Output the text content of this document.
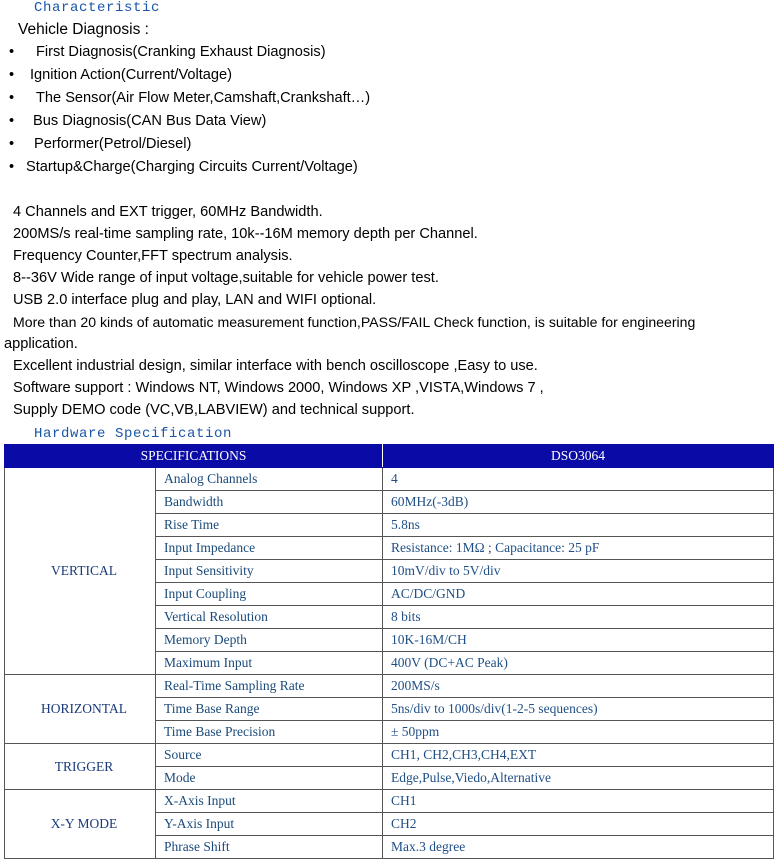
Characteristic
Vehicle Diagnosis :
• First Diagnosis(Cranking Exhaust Diagnosis)
• Ignition Action(Current/Voltage)
• The Sensor(Air Flow Meter,Camshaft,Crankshaft…)
• Bus Diagnosis(CAN Bus Data View)
• Performer(Petrol/Diesel)
• Startup&Charge(Charging Circuits Current/Voltage)
4 Channels and EXT trigger, 60MHz Bandwidth.
200MS/s real-time sampling rate, 10k--16M memory depth per Channel.
Frequency Counter,FFT spectrum analysis.
8--36V Wide range of input voltage,suitable for vehicle power test.
USB 2.0 interface plug and play, LAN and WIFI optional.
More than 20 kinds of automatic measurement function,PASS/FAIL Check function, is suitable for engineering
application.
Excellent industrial design, similar interface with bench oscilloscope ,Easy to use.
Software support : Windows NT, Windows 2000, Windows XP ,VISTA,Windows 7 ,
Supply DEMO code (VC,VB,LABVIEW) and technical support.
Hardware Specification
SPECIFICATIONS		DSO3064
VERTICAL	Analog Channels	4
	Bandwidth	60MHz(-3dB)
	Rise Time	5.8ns
	Input Impedance	Resistance: 1MΩ ; Capacitance: 25 pF
	Input Sensitivity	10mV/div to 5V/div
	Input Coupling	AC/DC/GND
	Vertical Resolution	8 bits
	Memory Depth	10K-16M/CH
	Maximum Input	400V (DC+AC Peak)
HORIZONTAL	Real-Time Sampling Rate	200MS/s
	Time Base Range	5ns/div to 1000s/div(1-2-5 sequences)
	Time Base Precision	± 50ppm
TRIGGER	Source	CH1, CH2,CH3,CH4,EXT
	Mode	Edge,Pulse,Viedo,Alternative
X-Y MODE	X-Axis Input	CH1
	Y-Axis Input	CH2
	Phrase Shift	Max.3 degree
